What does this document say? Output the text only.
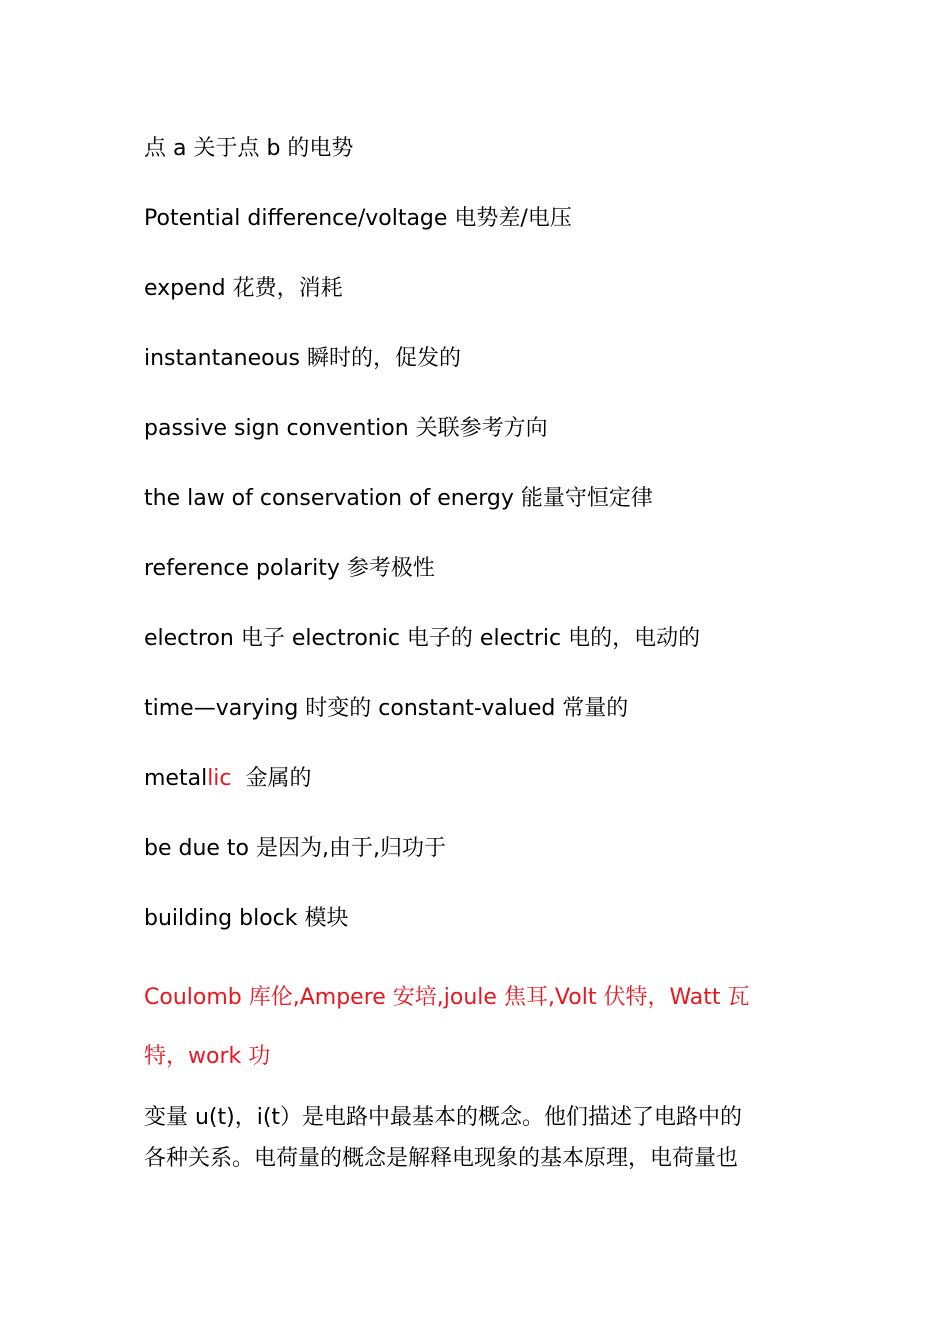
点 a 关于点 b 的电势
Potential difference/voltage 电势差/电压
expend 花费，消耗
instantaneous 瞬时的，促发的
passive sign convention 关联参考方向
the law of conservation of energy 能量守恒定律
reference polarity 参考极性
electron 电子 electronic 电子的 electric 电的，电动的
time—varying 时变的 constant-valued 常量的
metallic  金属的
be due to 是因为,由于,归功于
building block 模块
Coulomb 库伦,Ampere 安培,joule 焦耳,Volt 伏特，Watt 瓦
特，work 功
变量 u(t)，i(t）是电路中最基本的概念。他们描述了电路中的
各种关系。电荷量的概念是解释电现象的基本原理，电荷量也
